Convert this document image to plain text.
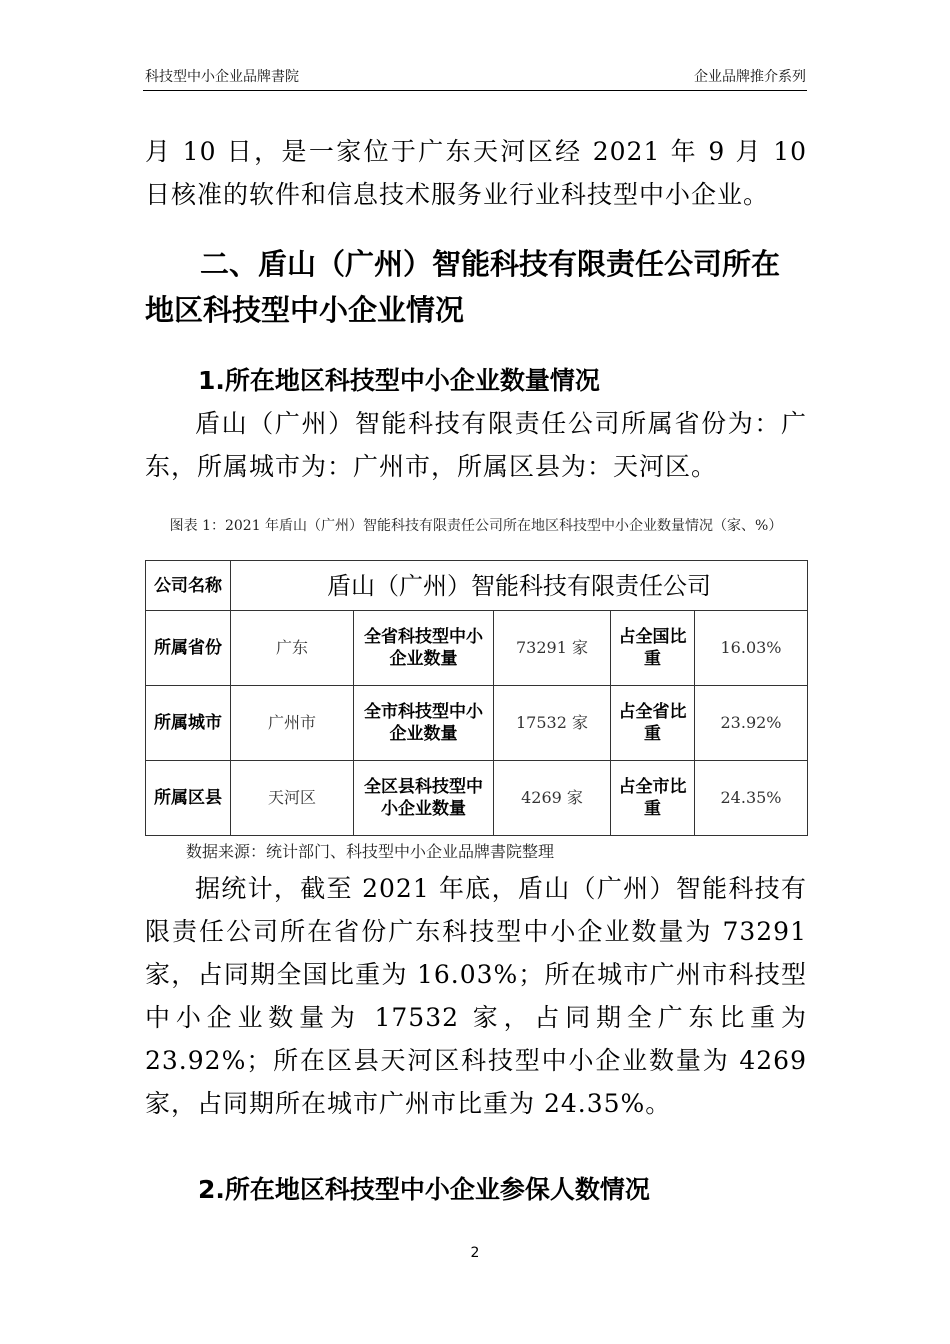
科技型中小企业品牌書院	企业品牌推介系列

月 10 日，是一家位于广东天河区经 2021 年 9 月 10 日核准的软件和信息技术服务业行业科技型中小企业。

二、盾山（广州）智能科技有限责任公司所在地区科技型中小企业情况
1.所在地区科技型中小企业数量情况

盾山（广州）智能科技有限责任公司所属省份为：广东，所属城市为：广州市，所属区县为：天河区。

图表 1：2021 年盾山（广州）智能科技有限责任公司所在地区科技型中小企业数量情况（家、%）
公司名称	盾山（广州）智能科技有限责任公司				
所属省份	广东	全省科技型中小企业数量	73291 家	占全国比重	16.03%
所属城市	广州市	全市科技型中小企业数量	17532 家	占全省比重	23.92%
所属区县	天河区	全区县科技型中小企业数量	4269 家	占全市比重	24.35%
数据来源：统计部门、科技型中小企业品牌書院整理

据统计，截至 2021 年底，盾山（广州）智能科技有限责任公司所在省份广东科技型中小企业数量为 73291 家，占同期全国比重为 16.03%；所在城市广州市科技型中小企业数量为 17532 家，占同期全广东比重为 23.92%；所在区县天河区科技型中小企业数量为 4269 家，占同期所在城市广州市比重为 24.35%。

2.所在地区科技型中小企业参保人数情况
2
